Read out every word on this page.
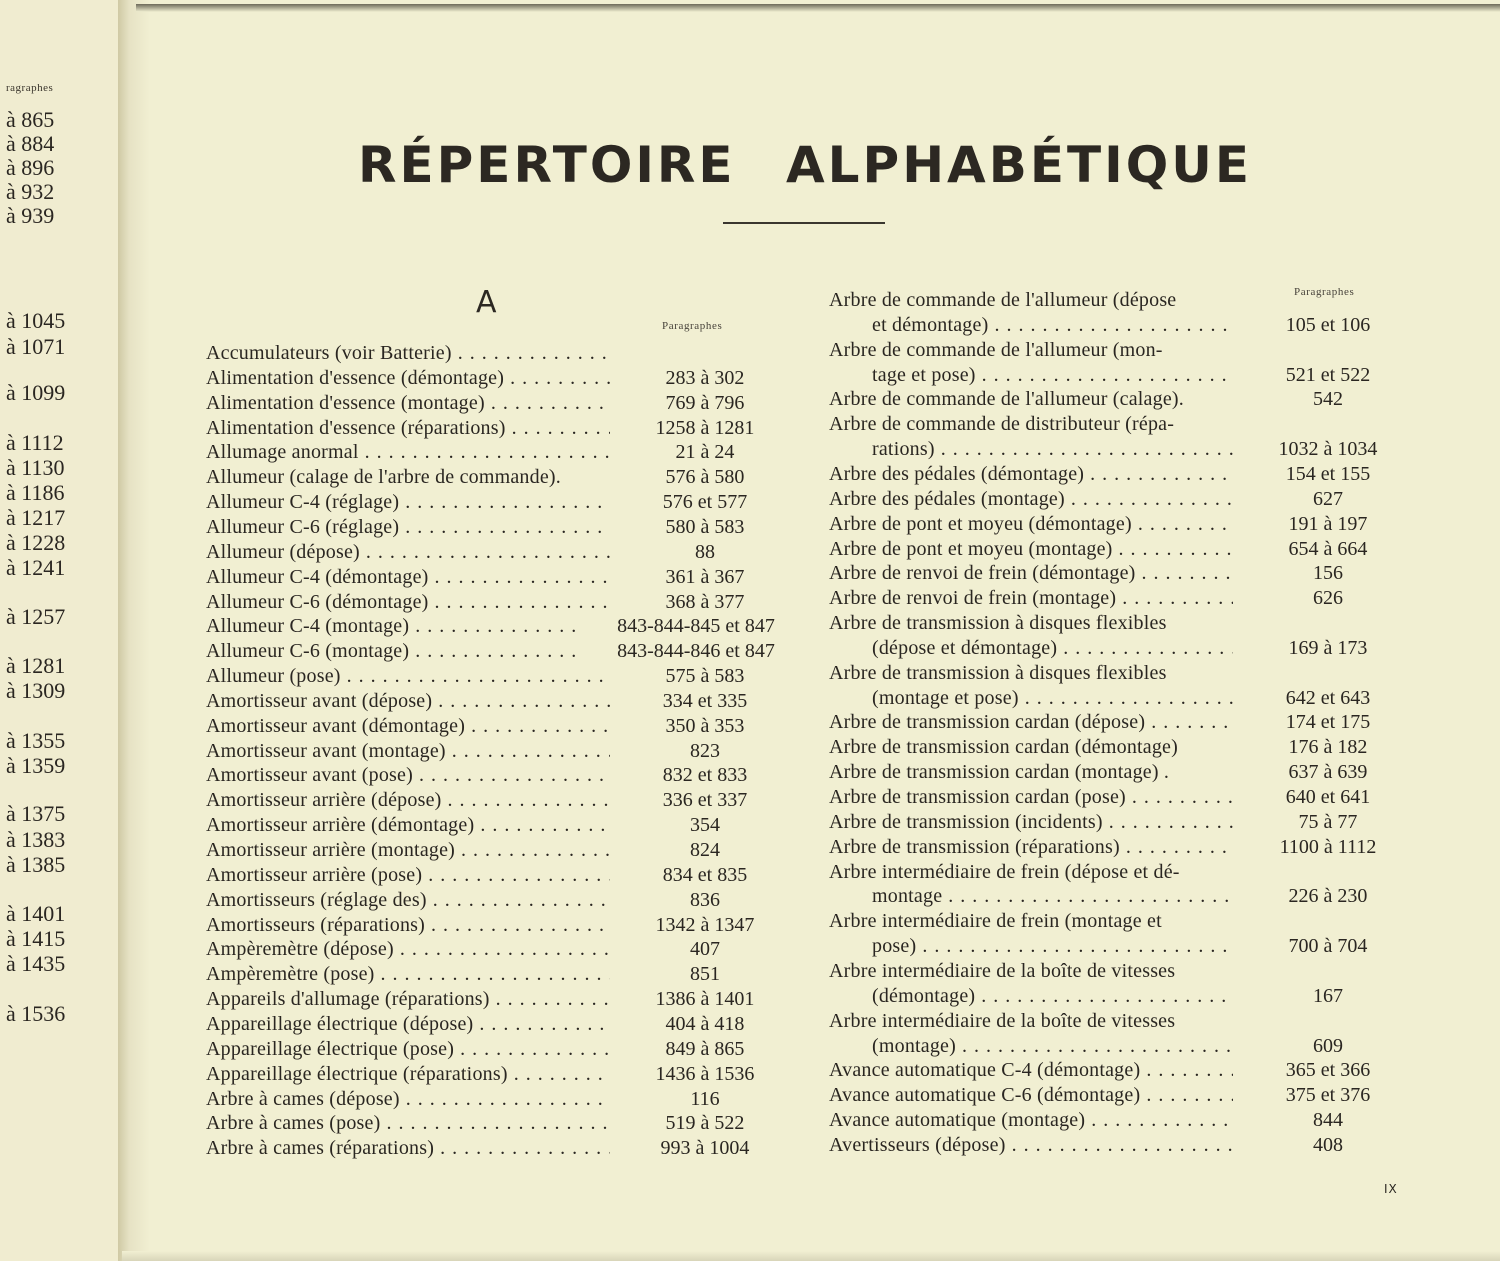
ragraphes
à 865
à 884
à 896
à 932
à 939
à 1045
à 1071
à 1099
à 1112
à 1130
à 1186
à 1217
à 1228
à 1241
à 1257
à 1281
à 1309
à 1355
à 1359
à 1375
à 1383
à 1385
à 1401
à 1415
à 1435
à 1536
RÉPERTOIRE ALPHABÉTIQUE
A
Paragraphes
Paragraphes
Accumulateurs (voir Batterie) . . .
Alimentation d'essence (démontage) . . .	283 à 302
Alimentation d'essence (montage) . . .	769 à 796
Alimentation d'essence (réparations) . . .	1258 à 1281
Allumage anormal . . .	21 à 24
Allumeur (calage de l'arbre de commande).	576 à 580
Allumeur C-4 (réglage) . . .	576 et 577
Allumeur C-6 (réglage) . . .	580 à 583
Allumeur (dépose) . . .	88
Allumeur C-4 (démontage) . . .	361 à 367
Allumeur C-6 (démontage) . . .	368 à 377
Allumeur C-4 (montage) . . .	843-844-845 et 847
Allumeur C-6 (montage) . . .	843-844-846 et 847
Allumeur (pose) . . .	575 à 583
Amortisseur avant (dépose) . . .	334 et 335
Amortisseur avant (démontage) . . .	350 à 353
Amortisseur avant (montage) . . .	823
Amortisseur avant (pose) . . .	832 et 833
Amortisseur arrière (dépose) . . .	336 et 337
Amortisseur arrière (démontage) . . .	354
Amortisseur arrière (montage) . . .	824
Amortisseur arrière (pose) . . .	834 et 835
Amortisseurs (réglage des) . . .	836
Amortisseurs (réparations) . . .	1342 à 1347
Ampèremètre (dépose) . . .	407
Ampèremètre (pose) . . .	851
Appareils d'allumage (réparations) . . .	1386 à 1401
Appareillage électrique (dépose) . . .	404 à 418
Appareillage électrique (pose) . . .	849 à 865
Appareillage électrique (réparations) . . .	1436 à 1536
Arbre à cames (dépose) . . .	116
Arbre à cames (pose) . . .	519 à 522
Arbre à cames (réparations) . . .	993 à 1004
Arbre de commande de l'allumeur (dépose
et démontage) . . .	105 et 106
Arbre de commande de l'allumeur (mon-
tage et pose) . . .	521 et 522
Arbre de commande de l'allumeur (calage).	542
Arbre de commande de distributeur (répa-
rations) . . .	1032 à 1034
Arbre des pédales (démontage) . . .	154 et 155
Arbre des pédales (montage) . . .	627
Arbre de pont et moyeu (démontage) . . .	191 à 197
Arbre de pont et moyeu (montage) . . .	654 à 664
Arbre de renvoi de frein (démontage) . . .	156
Arbre de renvoi de frein (montage) . . .	626
Arbre de transmission à disques flexibles
(dépose et démontage) . . .	169 à 173
Arbre de transmission à disques flexibles
(montage et pose) . . .	642 et 643
Arbre de transmission cardan (dépose) . . .	174 et 175
Arbre de transmission cardan (démontage)	176 à 182
Arbre de transmission cardan (montage) .	637 à 639
Arbre de transmission cardan (pose) . . .	640 et 641
Arbre de transmission (incidents) . . .	75 à 77
Arbre de transmission (réparations) . . .	1100 à 1112
Arbre intermédiaire de frein (dépose et dé-
montage . . .	226 à 230
Arbre intermédiaire de frein (montage et
pose) . . .	700 à 704
Arbre intermédiaire de la boîte de vitesses
(démontage) . . .	167
Arbre intermédiaire de la boîte de vitesses
(montage) . . .	609
Avance automatique C-4 (démontage) . . .	365 et 366
Avance automatique C-6 (démontage) . . .	375 et 376
Avance automatique (montage) . . .	844
Avertisseurs (dépose) . . .	408
IX
